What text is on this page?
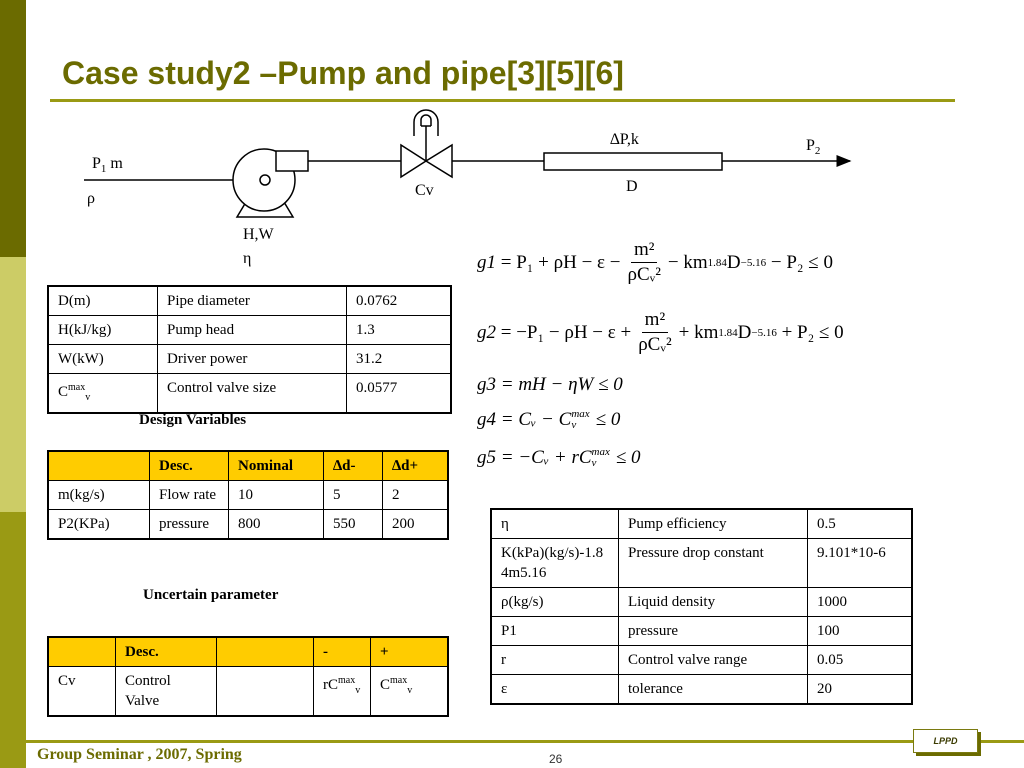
Case study2 –Pump and pipe[3][5][6]
$P_1$ m
ρ
H,W
η
Cv
∆P,k
D
$P_2$
D(m)	Pipe diameter	0.0762
H(kJ/kg)	Pump head	1.3
W(kW)	Driver power	31.2
$C^{max}_v$	Control valve size	0.0577
Design Variables
	Desc.	Nominal	∆d-	∆d+
m(kg/s)	Flow rate	10	5	2
P2(KPa)	pressure	800	550	200
Uncertain parameter
	Desc.		-	+
Cv	Control Valve		$rC^{max}_v$	$C^{max}_v$
g1
= $P_1 + \rho H - \varepsilon - \frac{\text{m²}}{\text{ρCᵥ²}}$ − km 1.84 D −5.16
− P₂ ≤ 0
g2
= $-P_1 - \rho H - \varepsilon + \frac{\text{m²}}{\text{ρCᵥ²}}$ + km 1.84 D −5.16
+ P₂ ≤ 0
g3 = mH − ηW ≤ 0
g4 = Cᵥ − C max
v	≤ 0
g5 = −Cᵥ + rC max
v	≤ 0
η	Pump efficiency	0.5
K(kPa)(kg/s)-1.84m5.16	Pressure drop constant	9.101*10-6
ρ(kg/s)	Liquid density	1000
P1	pressure	100
r	Control valve range	0.05
ε	tolerance	20
Group Seminar , 2007, Spring	26
LPPD
